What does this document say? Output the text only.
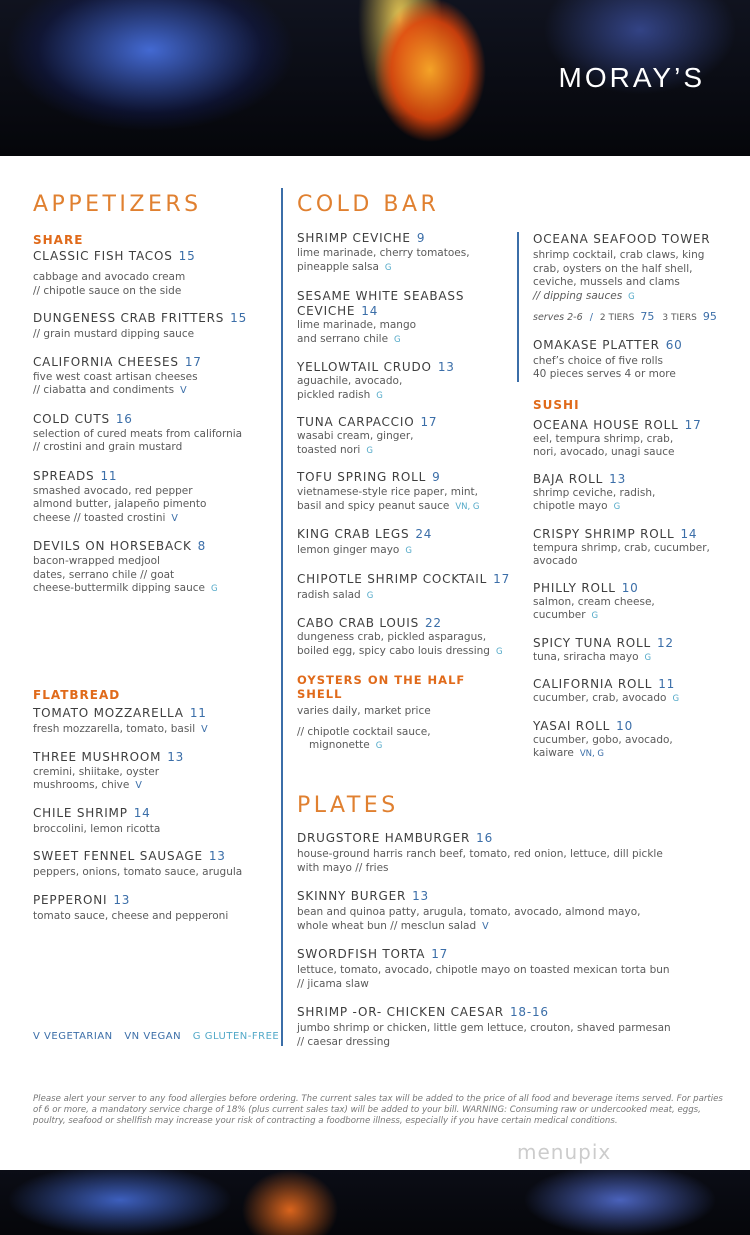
MORAY’S
APPETIZERS
SHARE
CLASSIC FISH TACOS 15
cabbage and avocado cream
// chipotle sauce on the side
DUNGENESS CRAB FRITTERS 15
// grain mustard dipping sauce
CALIFORNIA CHEESES 17
five west coast artisan cheeses
// ciabatta and condiments V
COLD CUTS 16
selection of cured meats from california
// crostini and grain mustard
SPREADS 11
smashed avocado, red pepper
almond butter, jalapeño pimento
cheese // toasted crostini V
DEVILS ON HORSEBACK 8
bacon-wrapped medjool
dates, serrano chile // goat
cheese-buttermilk dipping sauce G
FLATBREAD
TOMATO MOZZARELLA 11
fresh mozzarella, tomato, basil V
THREE MUSHROOM 13
cremini, shiitake, oyster
mushrooms, chive V
CHILE SHRIMP 14
broccolini, lemon ricotta
SWEET FENNEL SAUSAGE 13
peppers, onions, tomato sauce, arugula
PEPPERONI 13
tomato sauce, cheese and pepperoni
V VEGETARIAN VN VEGAN G GLUTEN-FREE
COLD BAR
SHRIMP CEVICHE 9
lime marinade, cherry tomatoes,
pineapple salsa G
SESAME WHITE SEABASS
CEVICHE 14
lime marinade, mango
and serrano chile G
YELLOWTAIL CRUDO 13
aguachile, avocado,
pickled radish G
TUNA CARPACCIO 17
wasabi cream, ginger,
toasted nori G
TOFU SPRING ROLL 9
vietnamese-style rice paper, mint,
basil and spicy peanut sauce VN, G
KING CRAB LEGS 24
lemon ginger mayo G
CHIPOTLE SHRIMP COCKTAIL 17
radish salad G
CABO CRAB LOUIS 22
dungeness crab, pickled asparagus,
boiled egg, spicy cabo louis dressing G
OYSTERS ON THE HALF SHELL
varies daily, market price
// chipotle cocktail sauce,
mignonette G
OCEANA SEAFOOD TOWER
shrimp cocktail, crab claws, king
crab, oysters on the half shell,
ceviche, mussels and clams
// dipping sauces G
serves 2-6 / 2 TIERS 75 3 TIERS 95
OMAKASE PLATTER 60
chef’s choice of five rolls
40 pieces serves 4 or more
SUSHI
OCEANA HOUSE ROLL 17
eel, tempura shrimp, crab,
nori, avocado, unagi sauce
BAJA ROLL 13
shrimp ceviche, radish,
chipotle mayo G
CRISPY SHRIMP ROLL 14
tempura shrimp, crab, cucumber,
avocado
PHILLY ROLL 10
salmon, cream cheese,
cucumber G
SPICY TUNA ROLL 12
tuna, sriracha mayo G
CALIFORNIA ROLL 11
cucumber, crab, avocado G
YASAI ROLL 10
cucumber, gobo, avocado,
kaiware VN, G
PLATES
DRUGSTORE HAMBURGER 16
house-ground harris ranch beef, tomato, red onion, lettuce, dill pickle
with mayo // fries
SKINNY BURGER 13
bean and quinoa patty, arugula, tomato, avocado, almond mayo,
whole wheat bun // mesclun salad V
SWORDFISH TORTA 17
lettuce, tomato, avocado, chipotle mayo on toasted mexican torta bun
// jicama slaw
SHRIMP -OR- CHICKEN CAESAR 18-16
jumbo shrimp or chicken, little gem lettuce, crouton, shaved parmesan
// caesar dressing
Please alert your server to any food allergies before ordering. The current sales tax will be added to the price of all food and beverage items served. For parties of 6 or more, a mandatory service charge of 18% (plus current sales tax) will be added to your bill. WARNING: Consuming raw or undercooked meat, eggs, poultry, seafood or shellfish may increase your risk of contracting a foodborne illness, especially if you have certain medical conditions.
menupix
